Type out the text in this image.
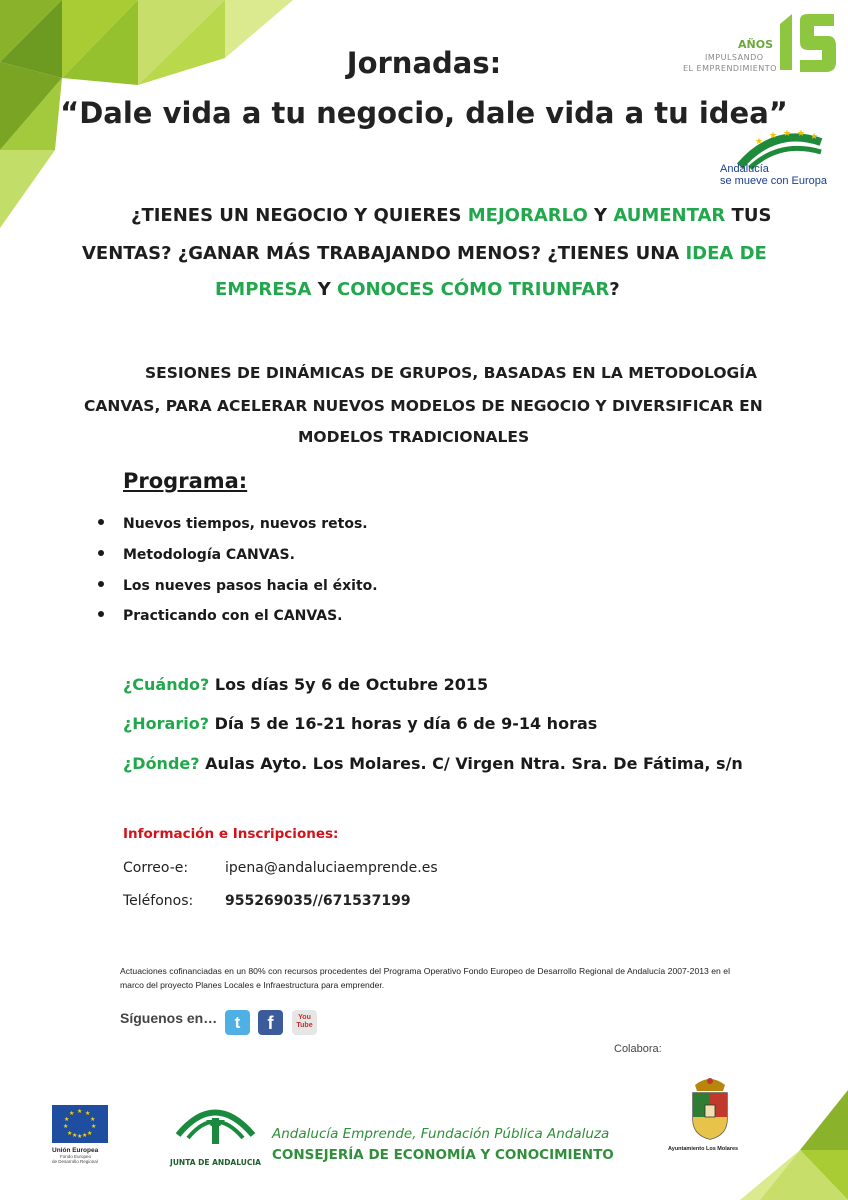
AÑOS
IMPULSANDO
EL EMPRENDIMIENTO
★
★ ★ ★ ★
Andalucía
se mueve con Europa
Jornadas:
“Dale vida a tu negocio, dale vida a tu idea”
¿TIENES UN NEGOCIO Y QUIERES MEJORARLO Y AUMENTAR TUS
VENTAS? ¿GANAR MÁS TRABAJANDO MENOS? ¿TIENES UNA IDEA DE
EMPRESA Y CONOCES CÓMO TRIUNFAR?
SESIONES DE DINÁMICAS DE GRUPOS, BASADAS EN LA METODOLOGÍA
CANVAS, PARA ACELERAR NUEVOS MODELOS DE NEGOCIO Y DIVERSIFICAR EN
MODELOS TRADICIONALES
Programa:
Nuevos tiempos, nuevos retos.
Metodología CANVAS.
Los nueves pasos hacia el éxito.
Practicando con el CANVAS.
¿Cuándo? Los días 5y 6 de Octubre 2015
¿Horario? Día 5 de 16-21 horas y día 6 de 9-14 horas
¿Dónde? Aulas Ayto. Los Molares. C/ Virgen Ntra. Sra. De Fátima, s/n
Información e Inscripciones:
Correo-e:	ipena@andaluciaemprende.es
Teléfonos: 955269035//671537199
Actuaciones cofinanciadas en un 80% con recursos procedentes del Programa Operativo Fondo Europeo de Desarrollo Regional de Andalucía 2007-2013 en el marco del proyecto Planes Locales e Infraestructura para emprender.
Síguenos en…	t	f	You Tube
Colabora:
★ ★
★
★
★
★
★
★
★
★
★
★
Unión Europea
Fondo Europeo
de Desarrollo Regional	JUNTA DE ANDALUCIA
Andalucía Emprende, Fundación Pública Andaluza
CONSEJERÍA DE ECONOMÍA Y CONOCIMIENTO	Ayuntamiento Los Molares
